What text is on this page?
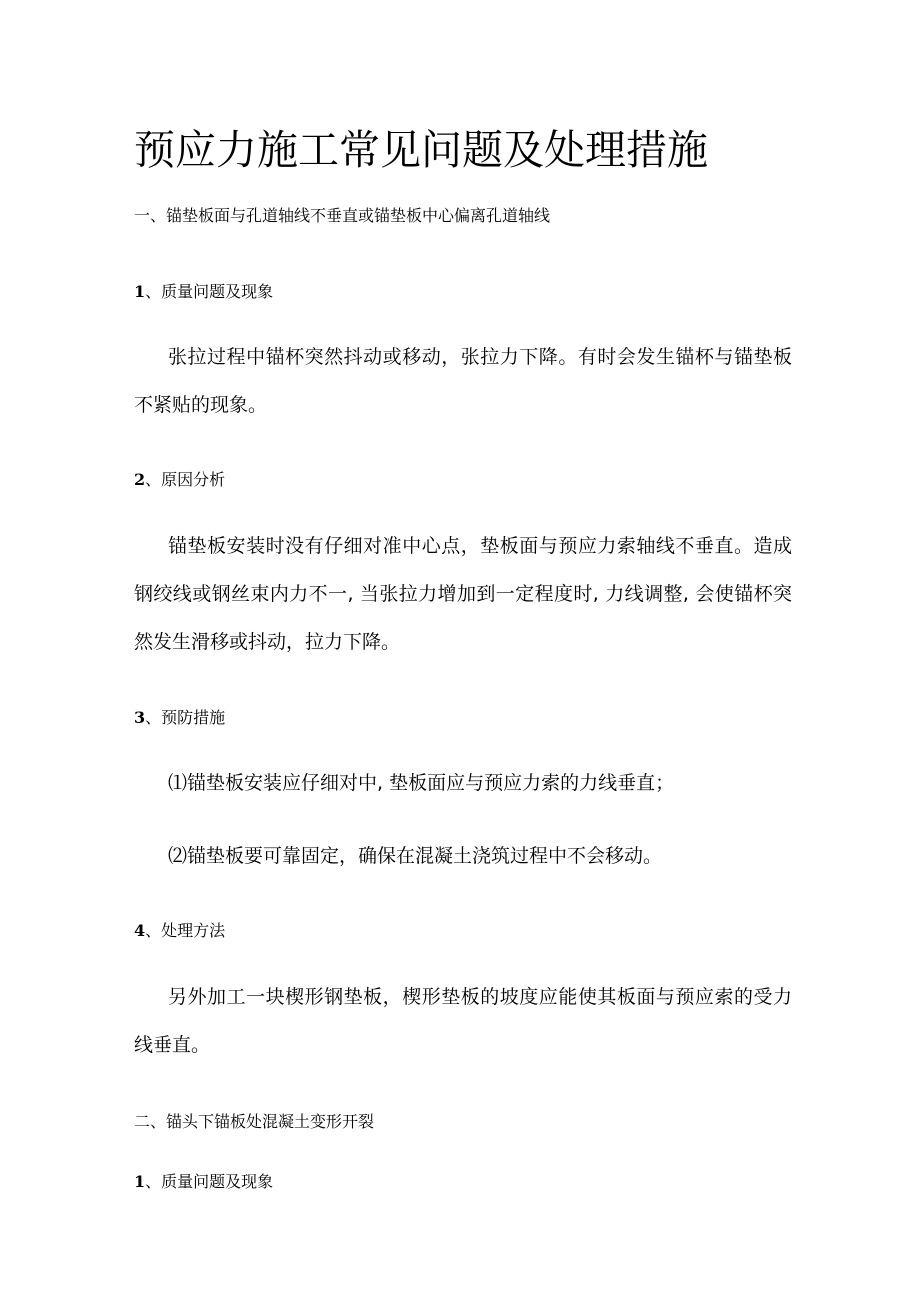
预应力施工常见问题及处理措施

一、锚垫板面与孔道轴线不垂直或锚垫板中心偏离孔道轴线

1、质量问题及现象

张拉过程中锚杯突然抖动或移动，张拉力下降。有时会发生锚杯与锚垫板不紧贴的现象。

2、原因分析

锚垫板安装时没有仔细对准中心点，垫板面与预应力索轴线不垂直。造成钢绞线或钢丝束内力不一, 当张拉力增加到一定程度时, 力线调整, 会使锚杯突然发生滑移或抖动，拉力下降。

3、预防措施

⑴锚垫板安装应仔细对中, 垫板面应与预应力索的力线垂直；

⑵锚垫板要可靠固定，确保在混凝土浇筑过程中不会移动。

4、处理方法

另外加工一块楔形钢垫板，楔形垫板的坡度应能使其板面与预应索的受力线垂直。

二、锚头下锚板处混凝土变形开裂

1、质量问题及现象
